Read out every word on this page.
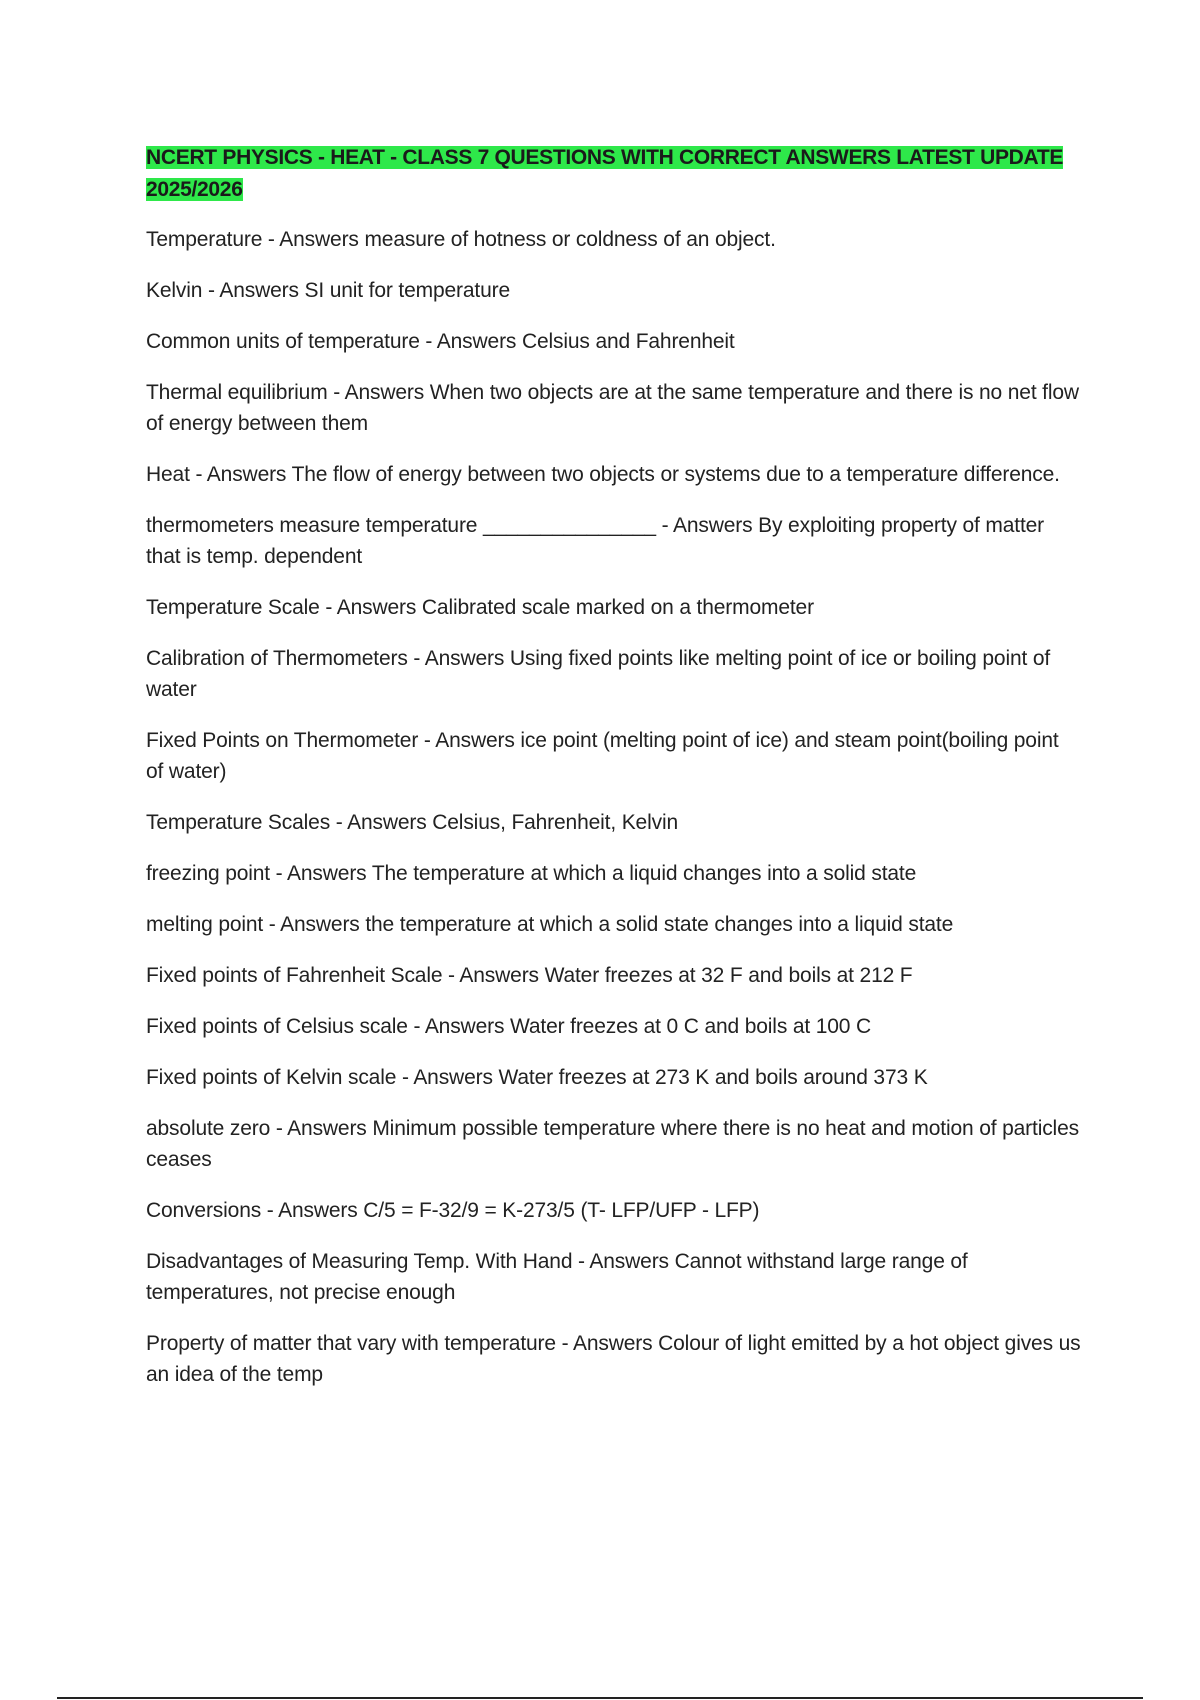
NCERT PHYSICS - HEAT - CLASS 7 QUESTIONS WITH CORRECT ANSWERS LATEST UPDATE 2025/2026

Temperature - Answers measure of hotness or coldness of an object.

Kelvin - Answers SI unit for temperature

Common units of temperature - Answers Celsius and Fahrenheit

Thermal equilibrium - Answers When two objects are at the same temperature and there is no net flow of energy between them

Heat - Answers The flow of energy between two objects or systems due to a temperature difference.

thermometers measure temperature _______________ - Answers By exploiting property of matter that is temp. dependent

Temperature Scale - Answers Calibrated scale marked on a thermometer

Calibration of Thermometers - Answers Using fixed points like melting point of ice or boiling point of water

Fixed Points on Thermometer - Answers ice point (melting point of ice) and steam point(boiling point of water)

Temperature Scales - Answers Celsius, Fahrenheit, Kelvin

freezing point - Answers The temperature at which a liquid changes into a solid state

melting point - Answers the temperature at which a solid state changes into a liquid state

Fixed points of Fahrenheit Scale - Answers Water freezes at 32 F and boils at 212 F

Fixed points of Celsius scale - Answers Water freezes at 0 C and boils at 100 C

Fixed points of Kelvin scale - Answers Water freezes at 273 K and boils around 373 K

absolute zero - Answers Minimum possible temperature where there is no heat and motion of particles ceases

Conversions - Answers C/5 = F-32/9 = K-273/5 (T- LFP/UFP - LFP)

Disadvantages of Measuring Temp. With Hand - Answers Cannot withstand large range of temperatures, not precise enough

Property of matter that vary with temperature - Answers Colour of light emitted by a hot object gives us an idea of the temp
